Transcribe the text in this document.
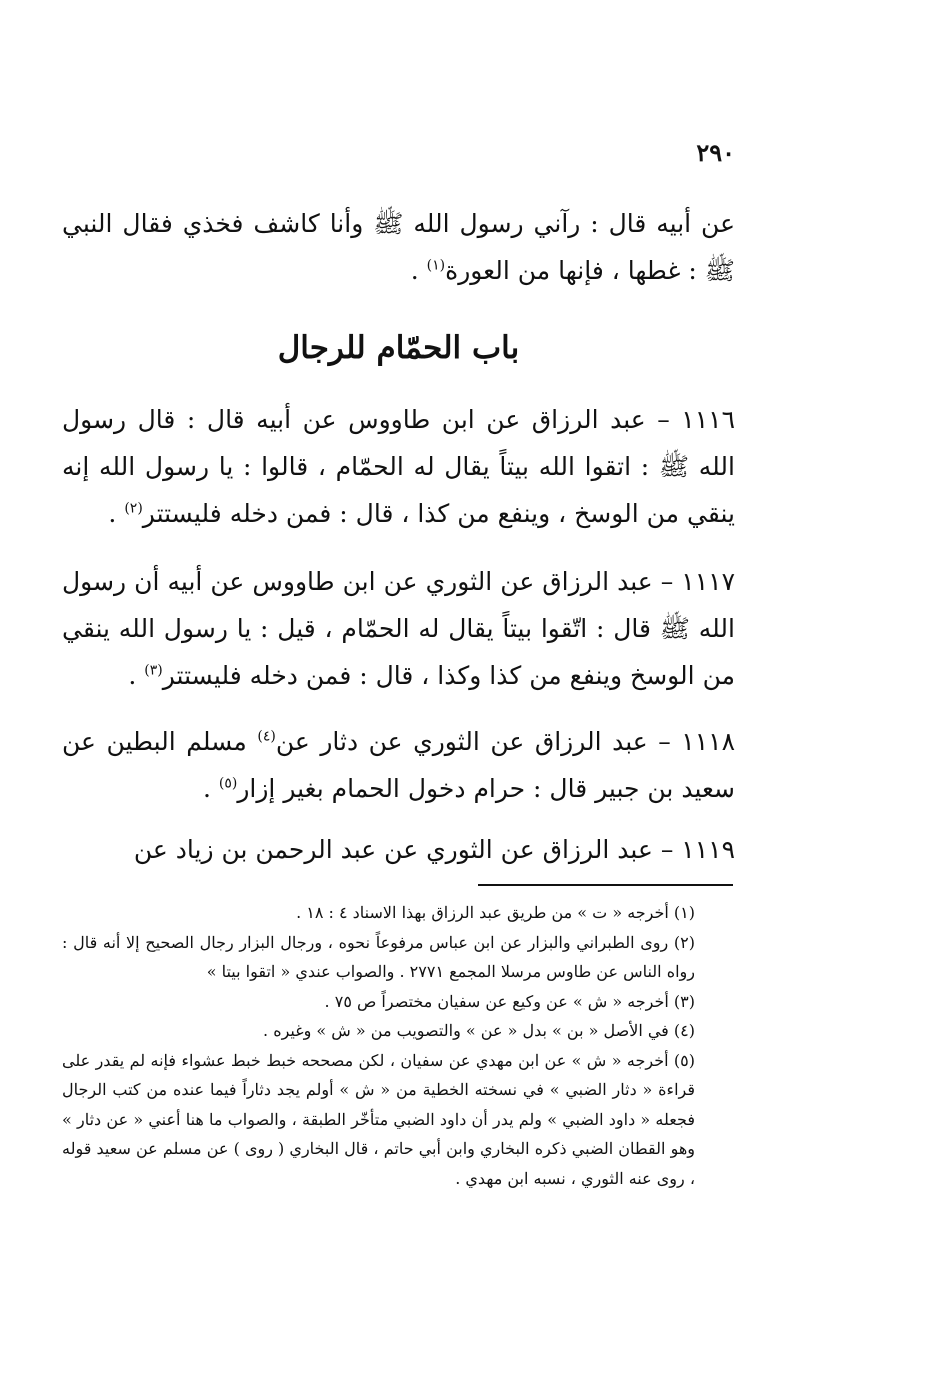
٢٩٠
عن أبيه قال : رآني رسول الله ﷺ وأنا كاشف فخذي فقال النبي ﷺ : غطها ، فإنها من العورة$^{(١)}$ .
باب الحمّام للرجال
١١١٦ – عبد الرزاق عن ابن طاووس عن أبيه قال : قال رسول الله ﷺ : اتقوا الله بيتاً يقال له الحمّام ، قالوا : يا رسول الله إنه ينقي من الوسخ ، وينفع من كذا ، قال : فمن دخله فليستتر$^{(٢)}$ .
١١١٧ – عبد الرزاق عن الثوري عن ابن طاووس عن أبيه أن رسول الله ﷺ قال : اتّقوا بيتاً يقال له الحمّام ، قيل : يا رسول الله ينقي من الوسخ وينفع من كذا وكذا ، قال : فمن دخله فليستتر$^{(٣)}$ .
١١١٨ – عبد الرزاق عن الثوري عن دثار عن$^{(٤)}$ مسلم البطين عن سعيد بن جبير قال : حرام دخول الحمام بغير إزار$^{(٥)}$ .
١١١٩ – عبد الرزاق عن الثوري عن عبد الرحمن بن زياد عن

(١) أخرجه « ت » من طريق عبد الرزاق بهذا الاسناد ٤ : ١٨ .

(٢) روى الطبراني والبزار عن ابن عباس مرفوعاً نحوه ، ورجال البزار رجال الصحيح إلا أنه قال : رواه الناس عن طاوس مرسلا المجمع ٢٧٧١ . والصواب عندي « اتقوا بيتا »

(٣) أخرجه « ش » عن وكيع عن سفيان مختصراً ص ٧٥ .

(٤) في الأصل « بن » بدل « عن » والتصويب من « ش » وغيره .

(٥) أخرجه « ش » عن ابن مهدي عن سفيان ، لكن مصححه خبط خبط عشواء فإنه لم يقدر على قراءة « دثار الضبي » في نسخته الخطية من « ش » أولم يجد دثاراً فيما عنده من كتب الرجال فجعله « داود الضبي » ولم يدر أن داود الضبي متأخّر الطبقة ، والصواب ما هنا أعني « عن دثار » وهو القطان الضبي ذكره البخاري وابن أبي حاتم ، قال البخاري ( روى ) عن مسلم عن سعيد قوله ، روى عنه الثوري ، نسبه ابن مهدي .
